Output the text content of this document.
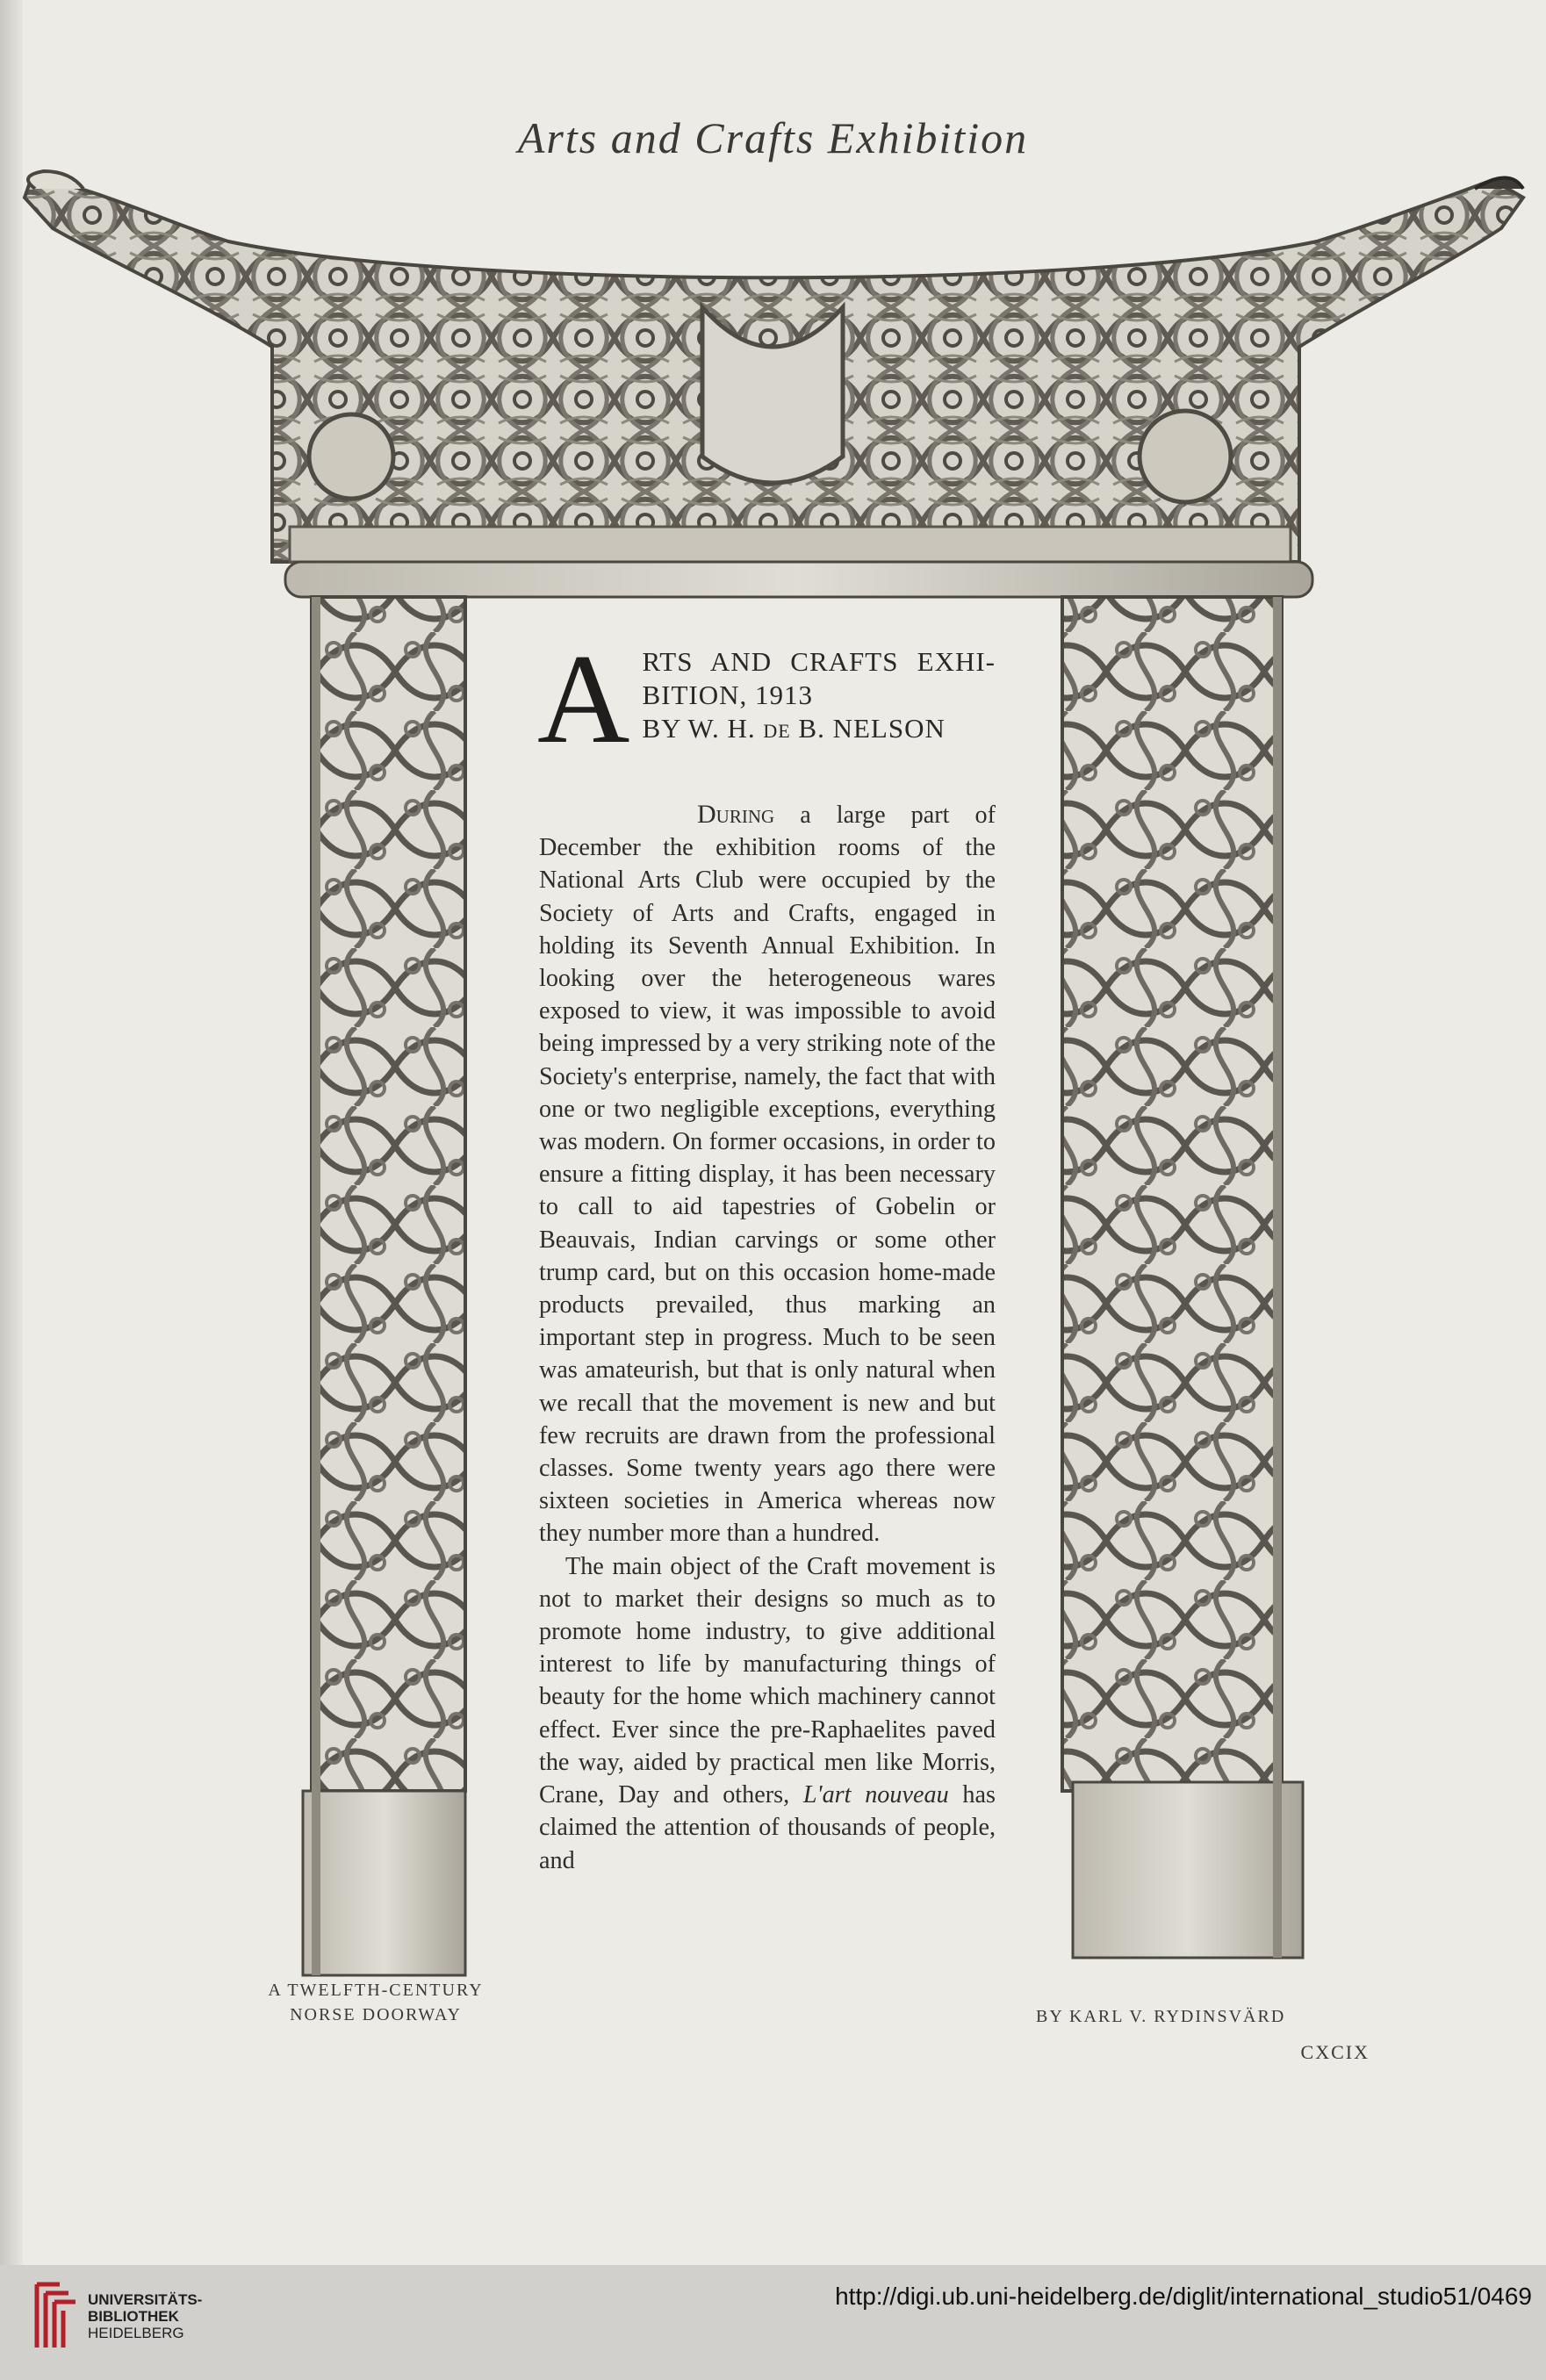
Arts and Crafts Exhibition
A RTS AND CRAFTS EXHI-
BITION, 1913
BY W. H. de B. NELSON

During a large part of December the exhibition rooms of the National Arts Club were occupied by the Society of Arts and Crafts, engaged in holding its Seventh Annual Exhibition. In looking over the heterogeneous wares exposed to view, it was impossible to avoid being impressed by a very striking note of the Society's enterprise, namely, the fact that with one or two negligible exceptions, everything was modern. On former occasions, in order to ensure a fitting display, it has been necessary to call to aid tapestries of Gobelin or Beauvais, Indian carvings or some other trump card, but on this occasion home-made products prevailed, thus marking an important step in progress. Much to be seen was amateurish, but that is only natural when we recall that the movement is new and but few recruits are drawn from the professional classes. Some twenty years ago there were sixteen societies in America whereas now they number more than a hundred.

The main object of the Craft movement is not to market their designs so much as to promote home industry, to give additional interest to life by manufacturing things of beauty for the home which machinery cannot effect. Ever since the pre-Raphaelites paved the way, aided by practical men like Morris, Crane, Day and others, L'art nouveau has claimed the attention of thousands of people, and

A TWELFTH-CENTURY
NORSE DOORWAY	BY KARL V. RYDINSVÄRD
CXCIX
UNIVERSITÄTS-
BIBLIOTHEK
HEIDELBERG
http://digi.ub.uni-heidelberg.de/diglit/international_studio51/0469
